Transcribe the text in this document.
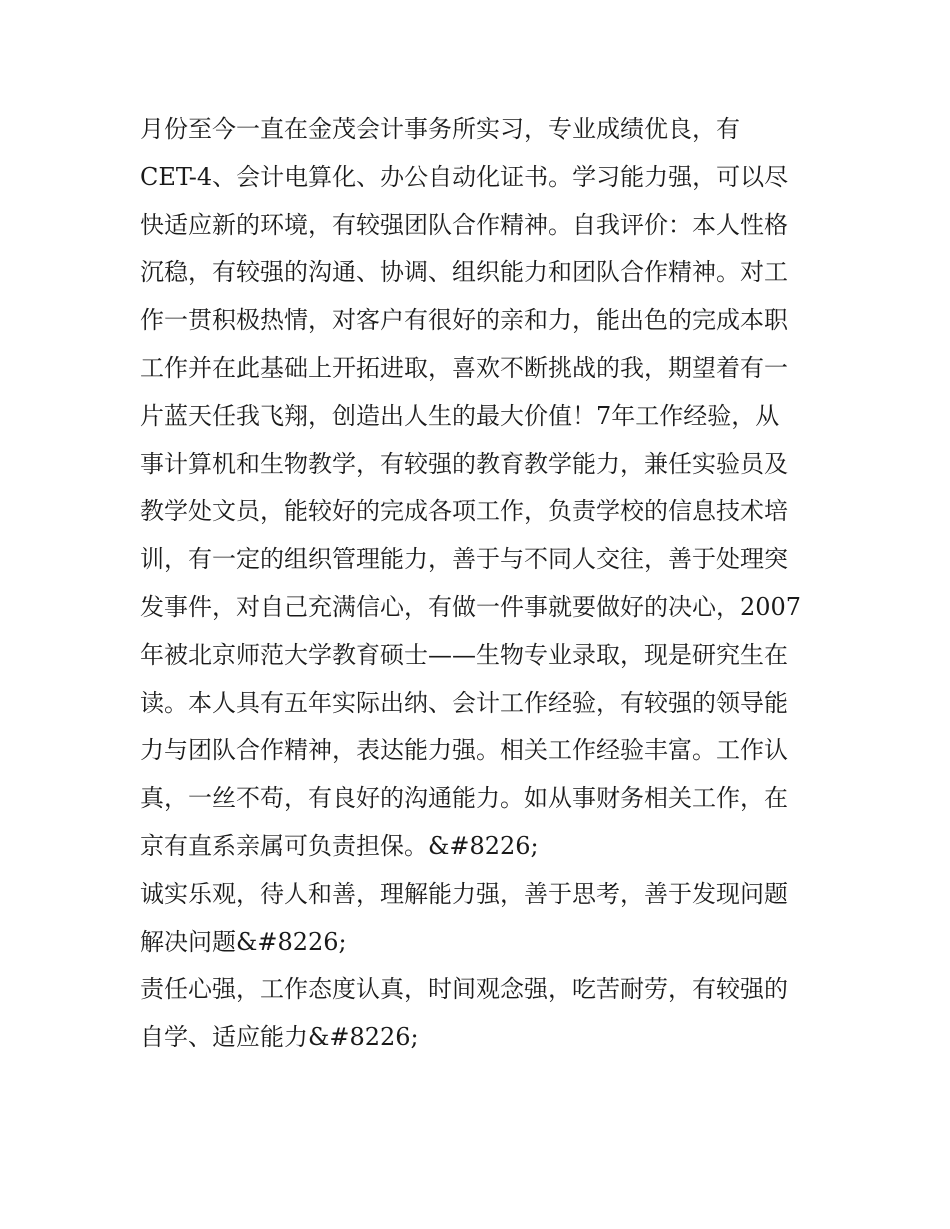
月份至今一直在金茂会计事务所实习，专业成绩优良，有
CET-4、会计电算化、办公自动化证书。学习能力强，可以尽
快适应新的环境，有较强团队合作精神。自我评价：本人性格
沉稳，有较强的沟通、协调、组织能力和团队合作精神。对工
作一贯积极热情，对客户有很好的亲和力，能出色的完成本职
工作并在此基础上开拓进取，喜欢不断挑战的我，期望着有一
片蓝天任我飞翔，创造出人生的最大价值！7年工作经验，从
事计算机和生物教学，有较强的教育教学能力，兼任实验员及
教学处文员，能较好的完成各项工作，负责学校的信息技术培
训，有一定的组织管理能力，善于与不同人交往，善于处理突
发事件，对自己充满信心，有做一件事就要做好的决心，2007
年被北京师范大学教育硕士——生物专业录取，现是研究生在
读。本人具有五年实际出纳、会计工作经验，有较强的领导能
力与团队合作精神，表达能力强。相关工作经验丰富。工作认
真，一丝不苟，有良好的沟通能力。如从事财务相关工作，在
京有直系亲属可负责担保。&#8226;
诚实乐观，待人和善，理解能力强，善于思考，善于发现问题
解决问题&#8226;
责任心强，工作态度认真，时间观念强，吃苦耐劳，有较强的
自学、适应能力&#8226;
